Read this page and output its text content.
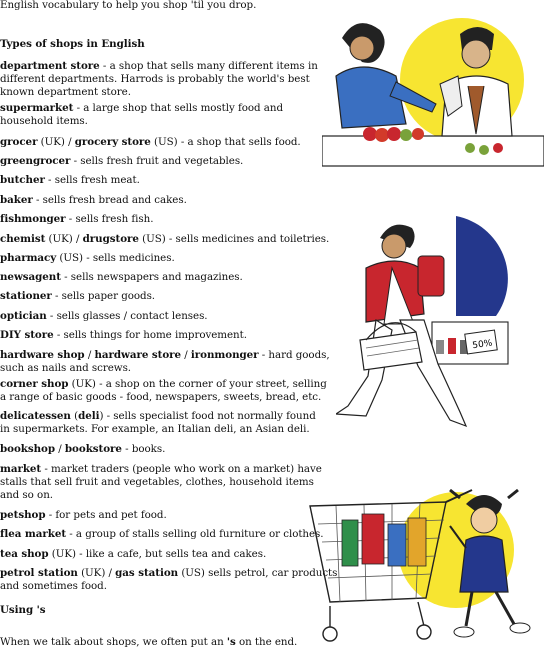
English vocabulary to help you shop 'til you drop.
Types of shops in English
department store - a shop that sells many different items in
different departments. Harrods is probably the world's best
known department store.
supermarket - a large shop that sells mostly food and
household items.
grocer (UK) / grocery store (US) - a shop that sells food.
greengrocer - sells fresh fruit and vegetables.
butcher - sells fresh meat.
baker - sells fresh bread and cakes.
fishmonger - sells fresh fish.
chemist (UK) / drugstore (US) - sells medicines and toiletries.
pharmacy (US) - sells medicines.
newsagent - sells newspapers and magazines.
stationer - sells paper goods.
optician - sells glasses / contact lenses.
DIY store - sells things for home improvement.
hardware shop / hardware store / ironmonger - hard goods,
such as nails and screws.
corner shop (UK) - a shop on the corner of your street, selling
a range of basic goods - food, newspapers, sweets, bread, etc.
delicatessen (deli) - sells specialist food not normally found
in supermarkets. For example, an Italian deli, an Asian deli.
bookshop / bookstore - books.
market - market traders (people who work on a market) have
stalls that sell fruit and vegetables, clothes, household items
and so on.
petshop - for pets and pet food.
flea market - a group of stalls selling old furniture or clothes.
tea shop (UK) - like a cafe, but sells tea and cakes.
petrol station (UK) / gas station (US) sells petrol, car products
and sometimes food.
Using 's
When we talk about shops, we often put an 's on the end.
50%
